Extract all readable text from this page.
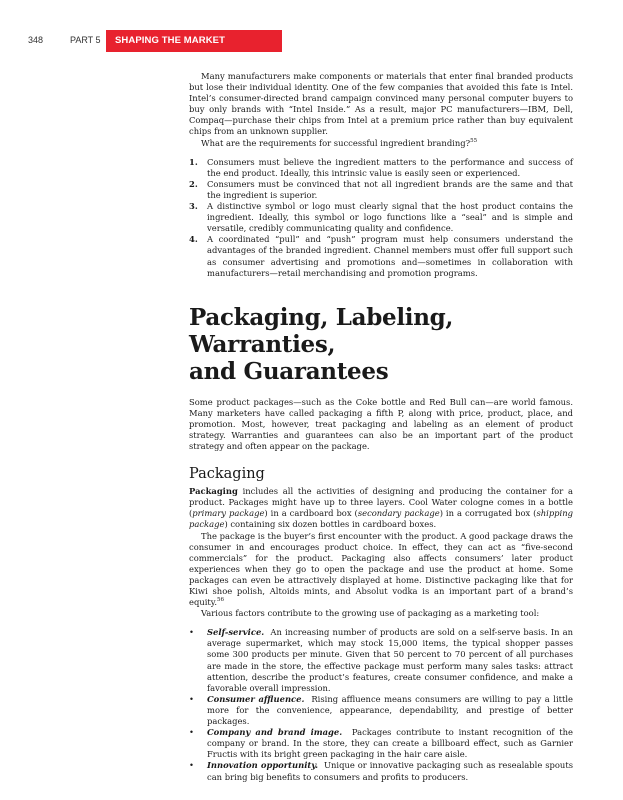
348	PART 5	SHAPING THE MARKET OFFERINGS

Many manufacturers make components or materials that enter final branded products but lose their individual identity. One of the few companies that avoided this fate is Intel. Intel’s consumer-directed brand campaign convinced many personal computer buyers to buy only brands with “Intel Inside.” As a result, major PC manufacturers—IBM, Dell, Compaq—purchase their chips from Intel at a premium price rather than buy equivalent chips from an unknown supplier.

What are the requirements for successful ingredient branding?$^{55}$

1. Consumers must believe the ingredient matters to the performance and success of the end product. Ideally, this intrinsic value is easily seen or experienced.
2. Consumers must be convinced that not all ingredient brands are the same and that the ingredient is superior.
3. A distinctive symbol or logo must clearly signal that the host product contains the ingredient. Ideally, this symbol or logo functions like a “seal” and is simple and versatile, credibly communicating quality and confidence.
4. A coordinated “pull” and “push” program must help consumers understand the advantages of the branded ingredient. Channel members must offer full support such as consumer advertising and promotions and—sometimes in collaboration with manufacturers—retail merchandising and promotion programs.
Packaging, Labeling, Warranties,
and Guarantees

Some product packages—such as the Coke bottle and Red Bull can—are world famous. Many marketers have called packaging a fifth P, along with price, product, place, and promotion. Most, however, treat packaging and labeling as an element of product strategy. Warranties and guarantees can also be an important part of the product strategy and often appear on the package.

Packaging

Packaging includes all the activities of designing and producing the container for a product. Packages might have up to three layers. Cool Water cologne comes in a bottle (primary package) in a cardboard box (secondary package) in a corrugated box (shipping package) containing six dozen bottles in cardboard boxes.

The package is the buyer’s first encounter with the product. A good package draws the consumer in and encourages product choice. In effect, they can act as “five-second commercials” for the product. Packaging also affects consumers’ later product experiences when they go to open the package and use the product at home. Some packages can even be attractively displayed at home. Distinctive packaging like that for Kiwi shoe polish, Altoids mints, and Absolut vodka is an important part of a brand’s equity.$^{56}$

Various factors contribute to the growing use of packaging as a marketing tool:

• Self-service. An increasing number of products are sold on a self-serve basis. In an average supermarket, which may stock 15,000 items, the typical shopper passes some 300 products per minute. Given that 50 percent to 70 percent of all purchases are made in the store, the effective package must perform many sales tasks: attract attention, describe the product’s features, create consumer confidence, and make a favorable overall impression.
• Consumer affluence. Rising affluence means consumers are willing to pay a little more for the convenience, appearance, dependability, and prestige of better packages.
• Company and brand image. Packages contribute to instant recognition of the company or brand. In the store, they can create a billboard effect, such as Garnier Fructis with its bright green packaging in the hair care aisle.
• Innovation opportunity. Unique or innovative packaging such as resealable spouts can bring big benefits to consumers and profits to producers.
